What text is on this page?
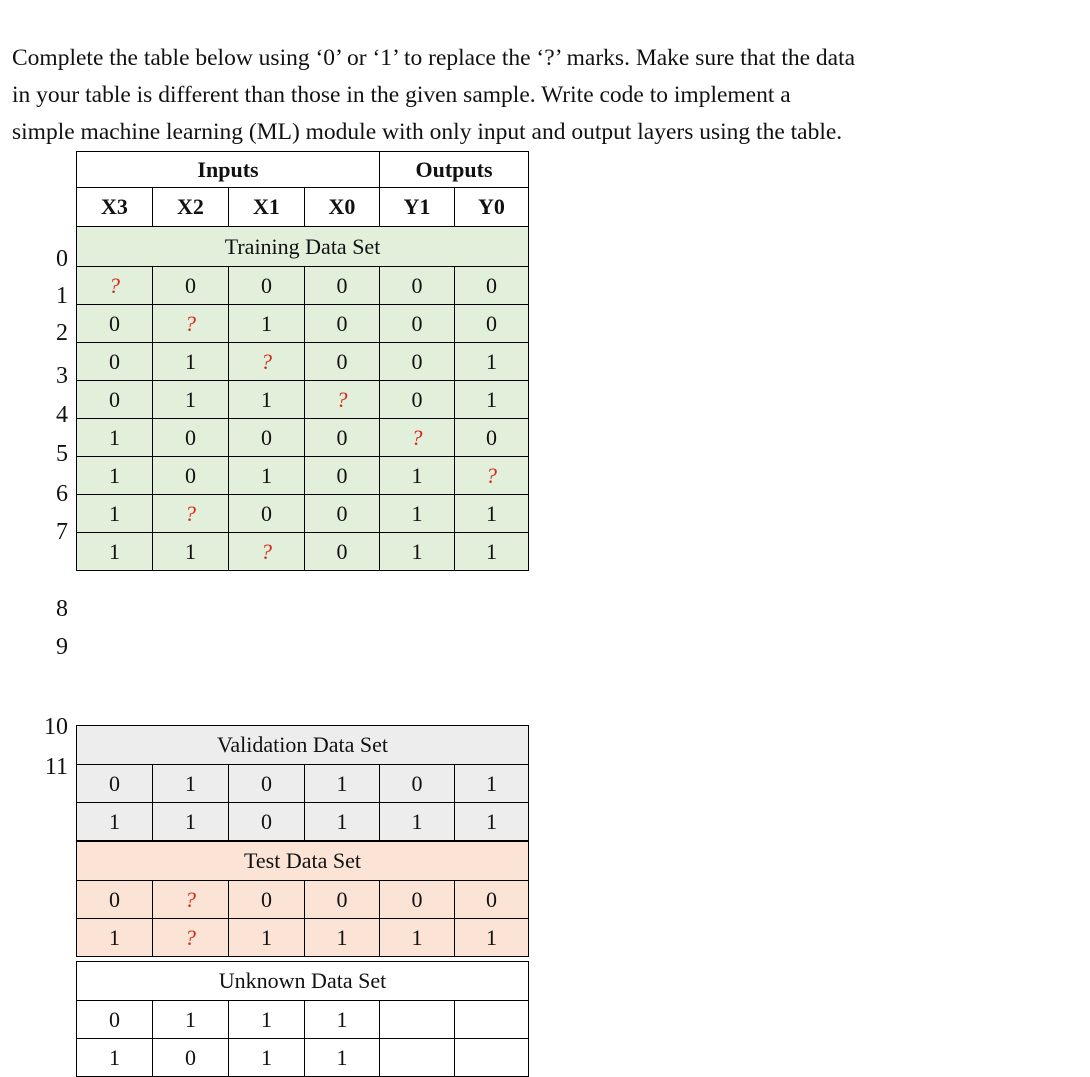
Complete the table below using ‘0’ or ‘1’ to replace the ‘?’ marks. Make sure that the data
in your table is different than those in the given sample. Write code to implement a
simple machine learning (ML) module with only input and output layers using the table.
0
1
2
3
4
5
6
7
8
9
10
11
Inputs	Outputs
X3	X2	X1	X0	Y1	Y0
Training Data Set
?	0	0	0	0	0
0	?	1	0	0	0
0	1	?	0	0	1
0	1	1	?	0	1
1	0	0	0	?	0
1	0	1	0	1	?
1	?	0	0	1	1
1	1	?	0	1	1
Validation Data Set
0	1	0	1	0	1
1	1	0	1	1	1
Test Data Set
0	?	0	0	0	0
1	?	1	1	1	1
Unknown Data Set
0	1	1	1
1	0	1	1
